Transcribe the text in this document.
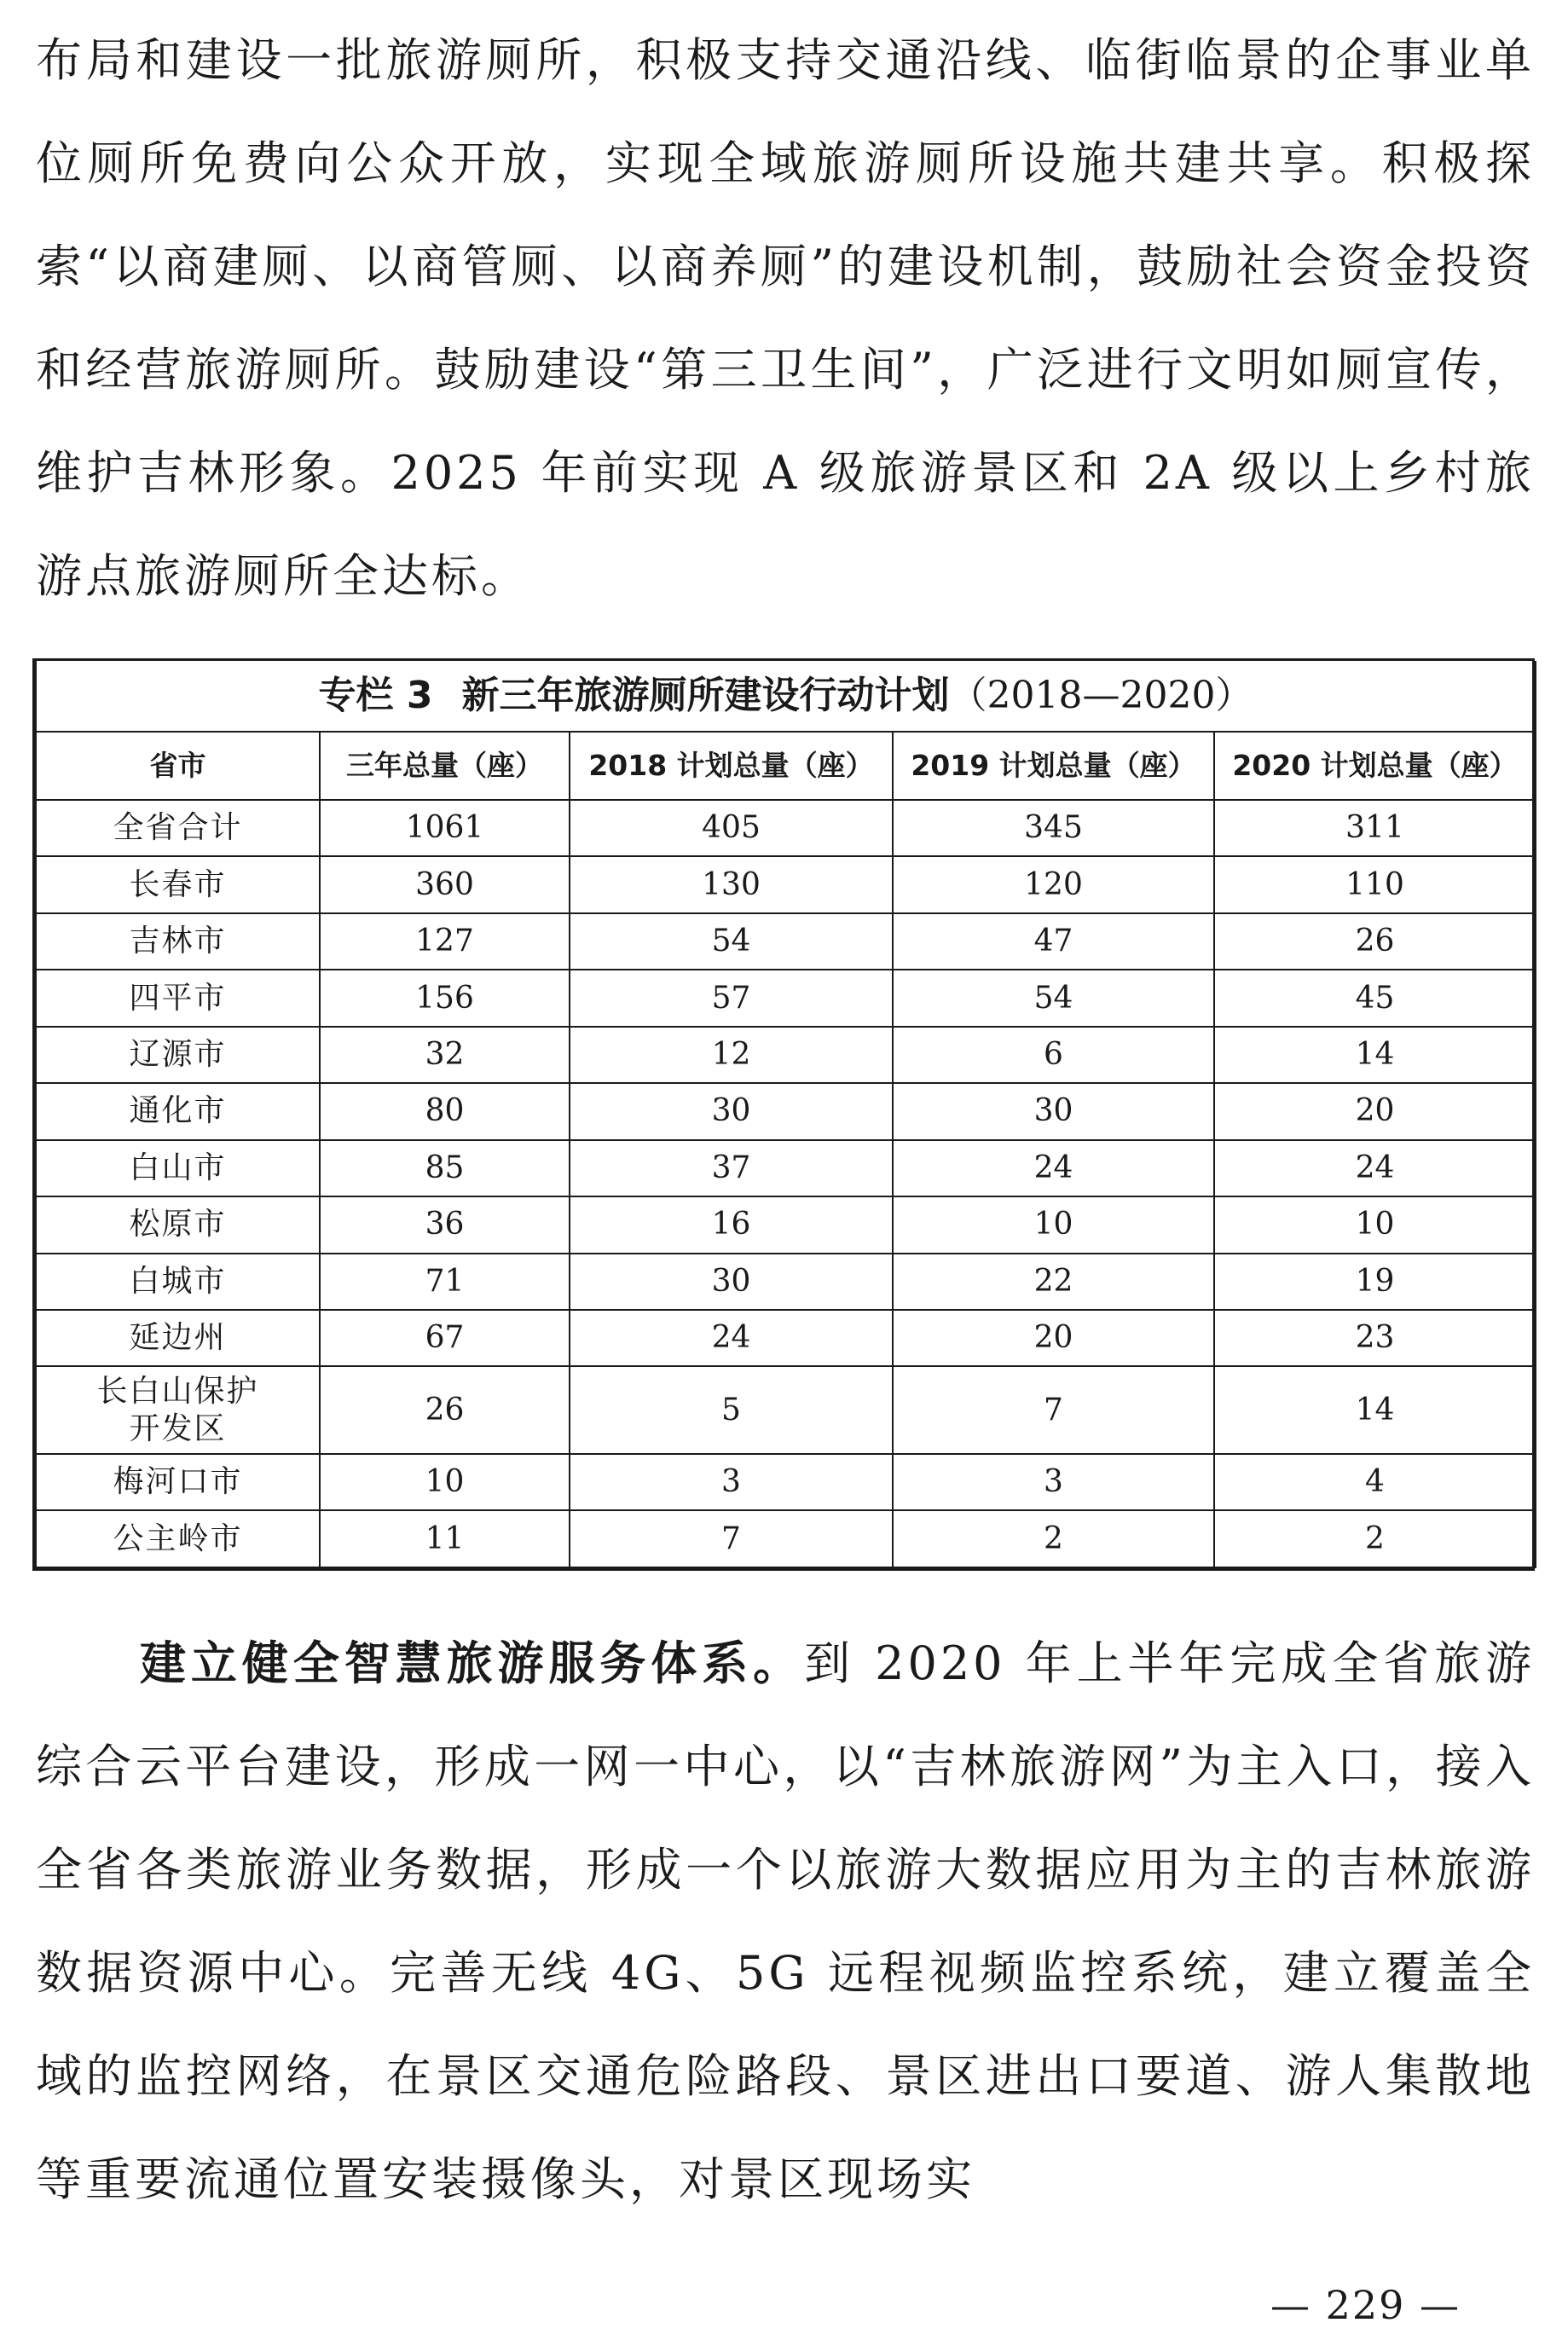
布局和建设一批旅游厕所，积极支持交通沿线、临街临景的企事业单位厕所免费向公众开放，实现全域旅游厕所设施共建共享。积极探索“以商建厕、以商管厕、以商养厕”的建设机制，鼓励社会资金投资和经营旅游厕所。鼓励建设“第三卫生间”，广泛进行文明如厕宣传，维护吉林形象。2025 年前实现 A 级旅游景区和 2A 级以上乡村旅游点旅游厕所全达标。

专栏 3 新三年旅游厕所建设行动计划（2018—2020）				
省市	三年总量（座）	2018 计划总量（座）	2019 计划总量（座）	2020 计划总量（座）
全省合计	1061	405	345	311
长春市	360	130	120	110
吉林市	127	54	47	26
四平市	156	57	54	45
辽源市	32	12	6	14
通化市	80	30	30	20
白山市	85	37	24	24
松原市	36	16	10	10
白城市	71	30	22	19
延边州	67	24	20	23
长白山保护开发区	26	5	7	14
梅河口市	10	3	3	4
公主岭市	11	7	2	2

建立健全智慧旅游服务体系。到 2020 年上半年完成全省旅游综合云平台建设，形成一网一中心，以“吉林旅游网”为主入口，接入全省各类旅游业务数据，形成一个以旅游大数据应用为主的吉林旅游数据资源中心。完善无线 4G、5G 远程视频监控系统，建立覆盖全域的监控网络，在景区交通危险路段、景区进出口要道、游人集散地等重要流通位置安装摄像头，对景区现场实

— 229 —
